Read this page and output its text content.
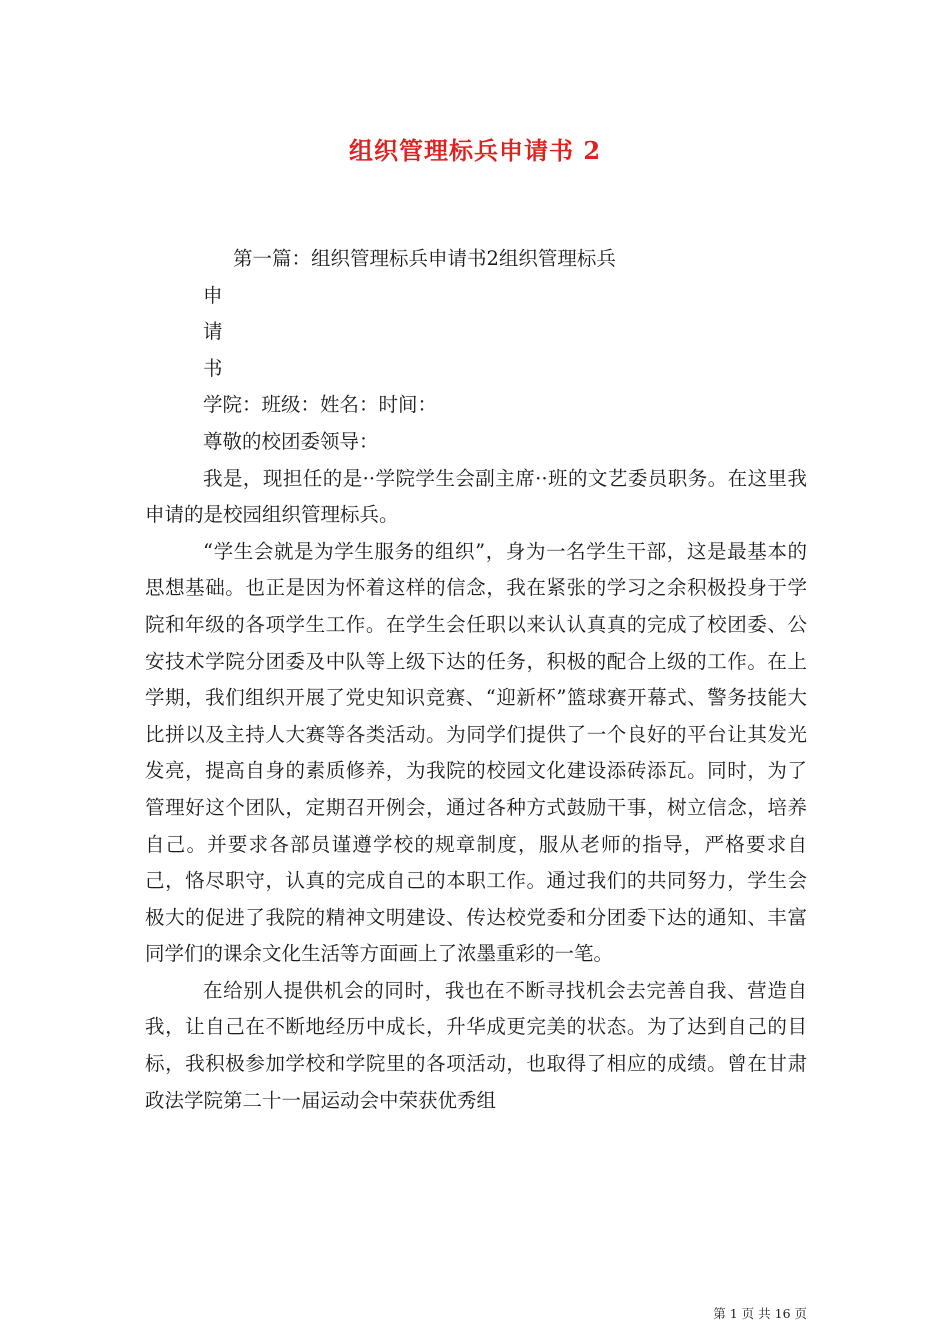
组织管理标兵申请书 2
第一篇：组织管理标兵申请书2组织管理标兵
申
请
书
学院：班级：姓名：时间：
尊敬的校团委领导：

我是，现担任的是··学院学生会副主席··班的文艺委员职务。在这里我申请的是校园组织管理标兵。

“学生会就是为学生服务的组织”，身为一名学生干部，这是最基本的思想基础。也正是因为怀着这样的信念，我在紧张的学习之余积极投身于学院和年级的各项学生工作。在学生会任职以来认认真真的完成了校团委、公安技术学院分团委及中队等上级下达的任务，积极的配合上级的工作。在上学期，我们组织开展了党史知识竞赛、“迎新杯”篮球赛开幕式、警务技能大比拼以及主持人大赛等各类活动。为同学们提供了一个良好的平台让其发光发亮，提高自身的素质修养，为我院的校园文化建设添砖添瓦。同时，为了管理好这个团队，定期召开例会，通过各种方式鼓励干事，树立信念，培养自己。并要求各部员谨遵学校的规章制度，服从老师的指导，严格要求自己，恪尽职守，认真的完成自己的本职工作。通过我们的共同努力，学生会极大的促进了我院的精神文明建设、传达校党委和分团委下达的通知、丰富同学们的课余文化生活等方面画上了浓墨重彩的一笔。

在给别人提供机会的同时，我也在不断寻找机会去完善自我、营造自我，让自己在不断地经历中成长，升华成更完美的状态。为了达到自己的目标，我积极参加学校和学院里的各项活动，也取得了相应的成绩。曾在甘肃政法学院第二十一届运动会中荣获优秀组

第 1 页 共 16 页
